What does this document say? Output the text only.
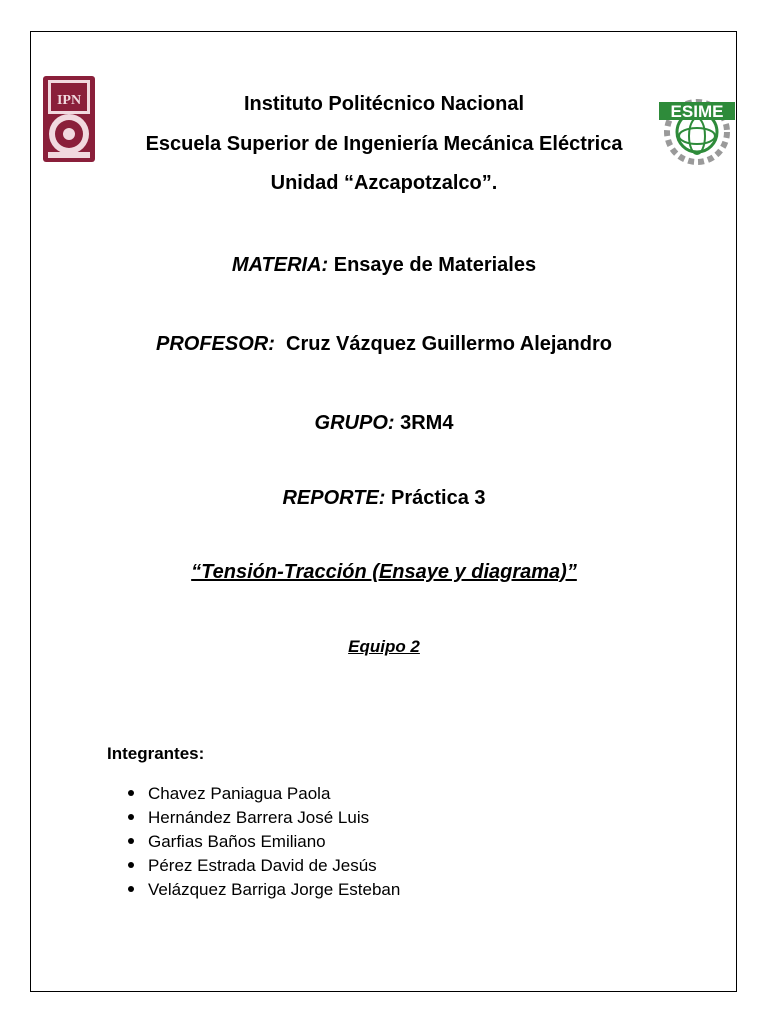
IPN
ESIME
Instituto Politécnico Nacional
Escuela Superior de Ingeniería Mecánica Eléctrica
Unidad “Azcapotzalco”.
MATERIA: Ensaye de Materiales
PROFESOR: Cruz Vázquez Guillermo Alejandro
GRUPO: 3RM4
REPORTE: Práctica 3
“Tensión-Tracción (Ensaye y diagrama)”
Equipo 2
Integrantes:
Chavez Paniagua Paola
Hernández Barrera José Luis
Garfias Baños Emiliano
Pérez Estrada David de Jesús
Velázquez Barriga Jorge Esteban
